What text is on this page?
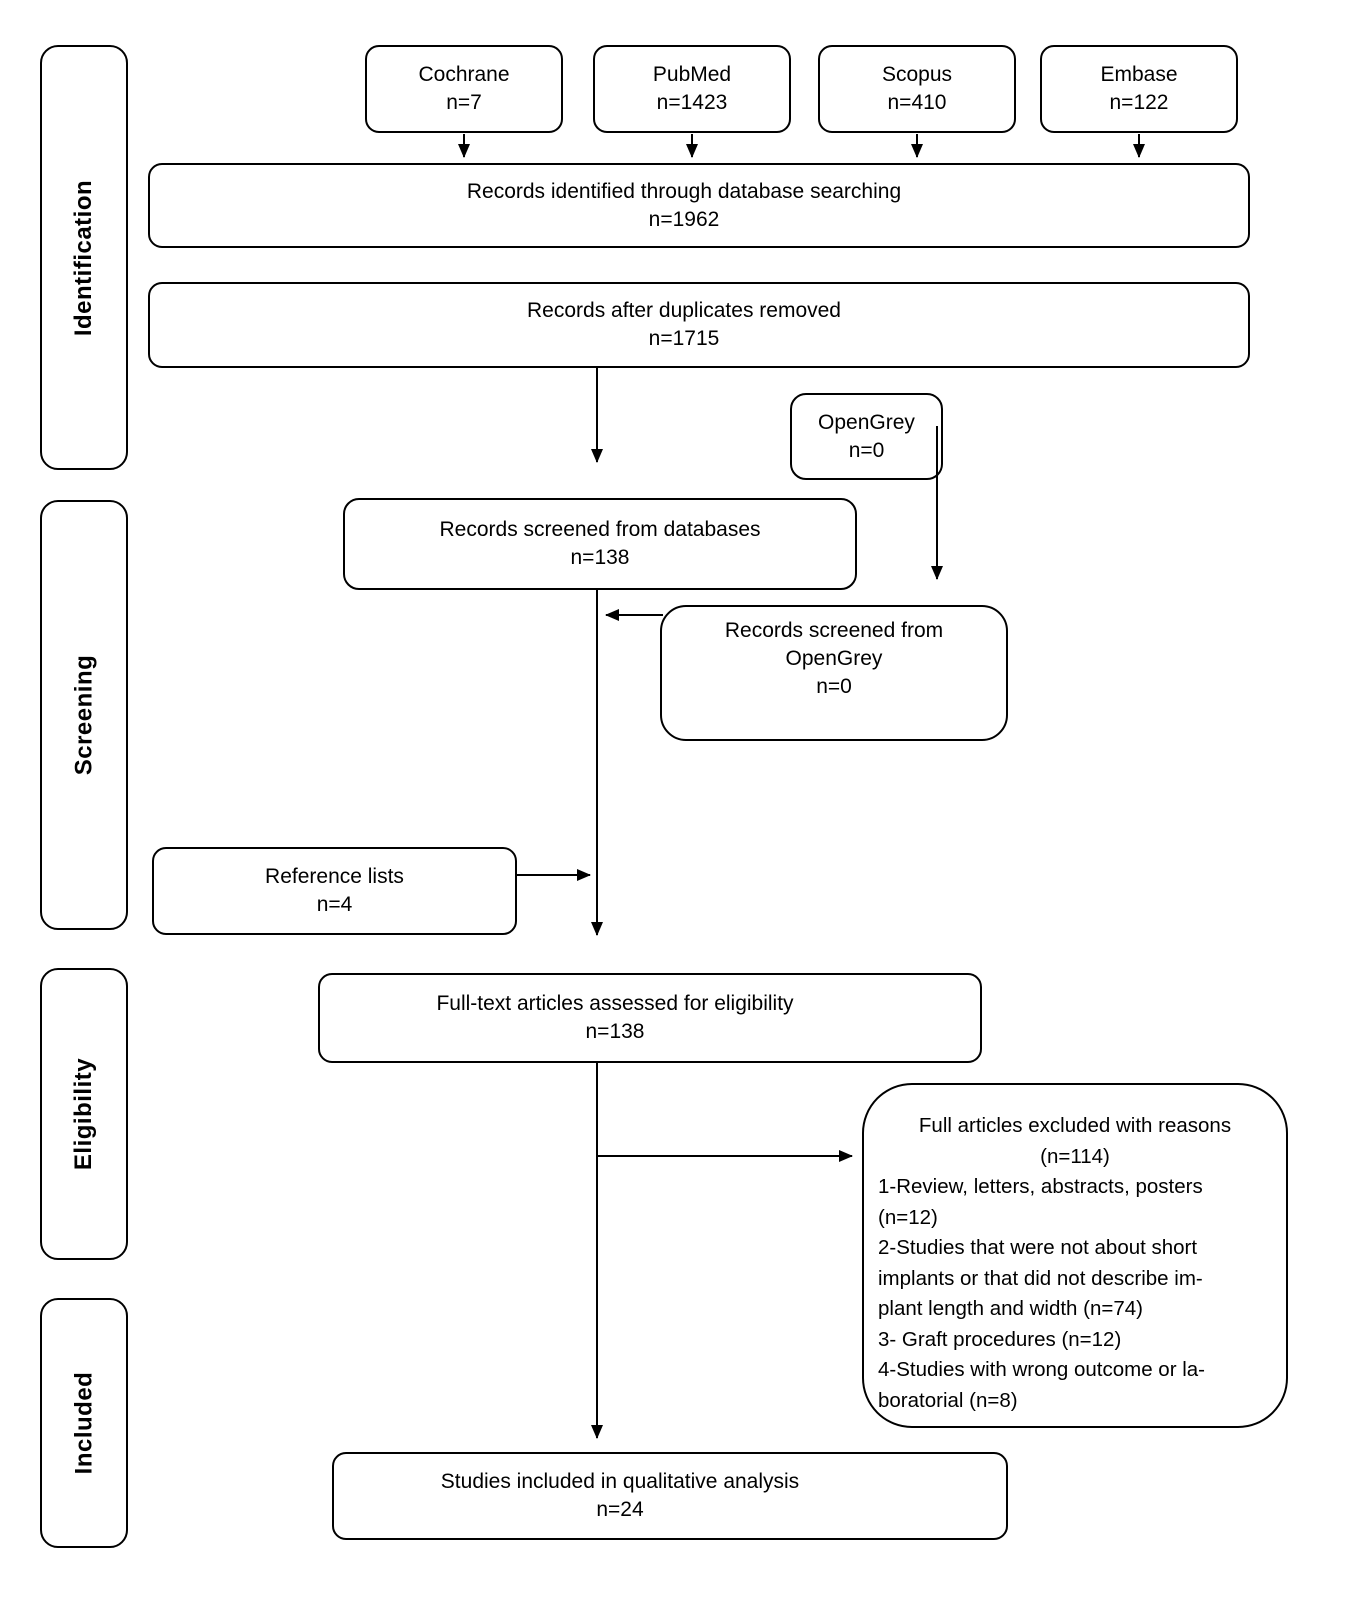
Identification
Screening
Eligibility
Included
Cochrane
n=7
PubMed
n=1423
Scopus
n=410
Embase
n=122
Records identified through database searching
n=1962
Records after duplicates removed
n=1715
OpenGrey
n=0
Records screened from databases
n=138
Records screened from
OpenGrey
n=0
Reference lists
n=4
Full-text articles assessed for eligibility
n=138
Full articles excluded with reasons
(n=114)
1-Review, letters, abstracts, posters
(n=12)
2-Studies that were not about short
implants or that did not describe im-
plant length and width (n=74)
3- Graft procedures (n=12)
4-Studies with wrong outcome or la-
boratorial (n=8)
Studies included in qualitative analysis
n=24
